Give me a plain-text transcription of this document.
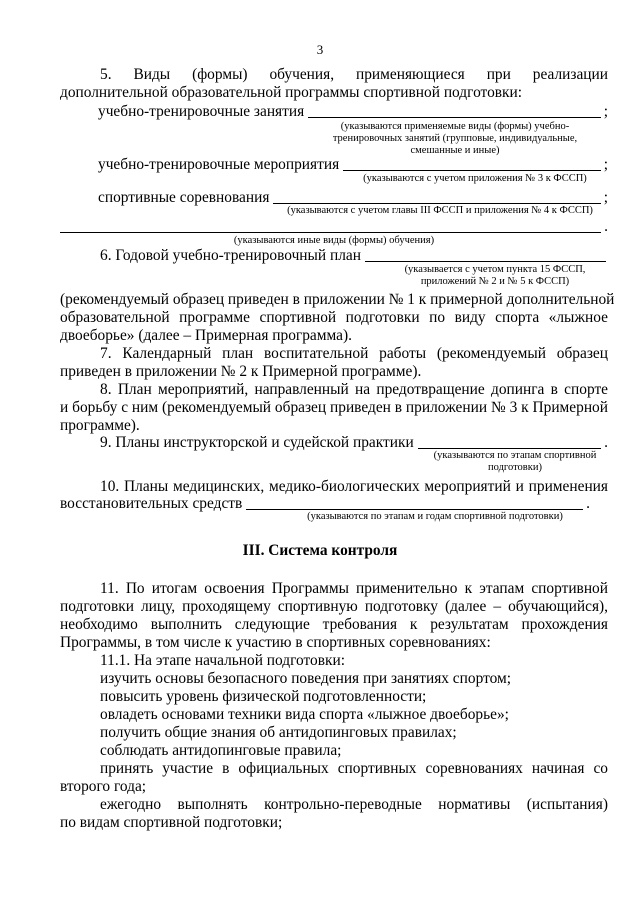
3
5. Виды (формы) обучения, применяющиеся при реализации
дополнительной образовательной программы спортивной подготовки:
учебно-тренировочные занятия	;
(указываются применяемые виды (формы) учебно-
тренировочных занятий (групповые, индивидуальные,
смешанные и иные)
учебно-тренировочные мероприятия	;
(указываются с учетом приложения № 3 к ФССП)
спортивные соревнования	;
(указываются с учетом главы III ФССП и приложения № 4 к ФССП)
.
(указываются иные виды (формы) обучения)
6. Годовой учебно-тренировочный план
(указывается с учетом пункта 15 ФССП,
приложений № 2 и № 5 к ФССП)
(рекомендуемый образец приведен в приложении № 1 к примерной дополнительной
образовательной программе спортивной подготовки по виду спорта «лыжное
двоеборье» (далее – Примерная программа).
7. Календарный план воспитательной работы (рекомендуемый образец
приведен в приложении № 2 к Примерной программе).
8. План мероприятий, направленный на предотвращение допинга в спорте
и борьбу с ним (рекомендуемый образец приведен в приложении № 3 к Примерной
программе).
9. Планы инструкторской и судейской практики	.
(указываются по этапам спортивной
подготовки)
10. Планы медицинских, медико-биологических мероприятий и применения
восстановительных средств	.
(указываются по этапам и годам спортивной подготовки)
III. Система контроля
11. По итогам освоения Программы применительно к этапам спортивной
подготовки лицу, проходящему спортивную подготовку (далее – обучающийся),
необходимо выполнить следующие требования к результатам прохождения
Программы, в том числе к участию в спортивных соревнованиях:
11.1. На этапе начальной подготовки:
изучить основы безопасного поведения при занятиях спортом;
повысить уровень физической подготовленности;
овладеть основами техники вида спорта «лыжное двоеборье»;
получить общие знания об антидопинговых правилах;
соблюдать антидопинговые правила;
принять участие в официальных спортивных соревнованиях начиная со
второго года;
ежегодно выполнять контрольно-переводные нормативы (испытания)
по видам спортивной подготовки;
